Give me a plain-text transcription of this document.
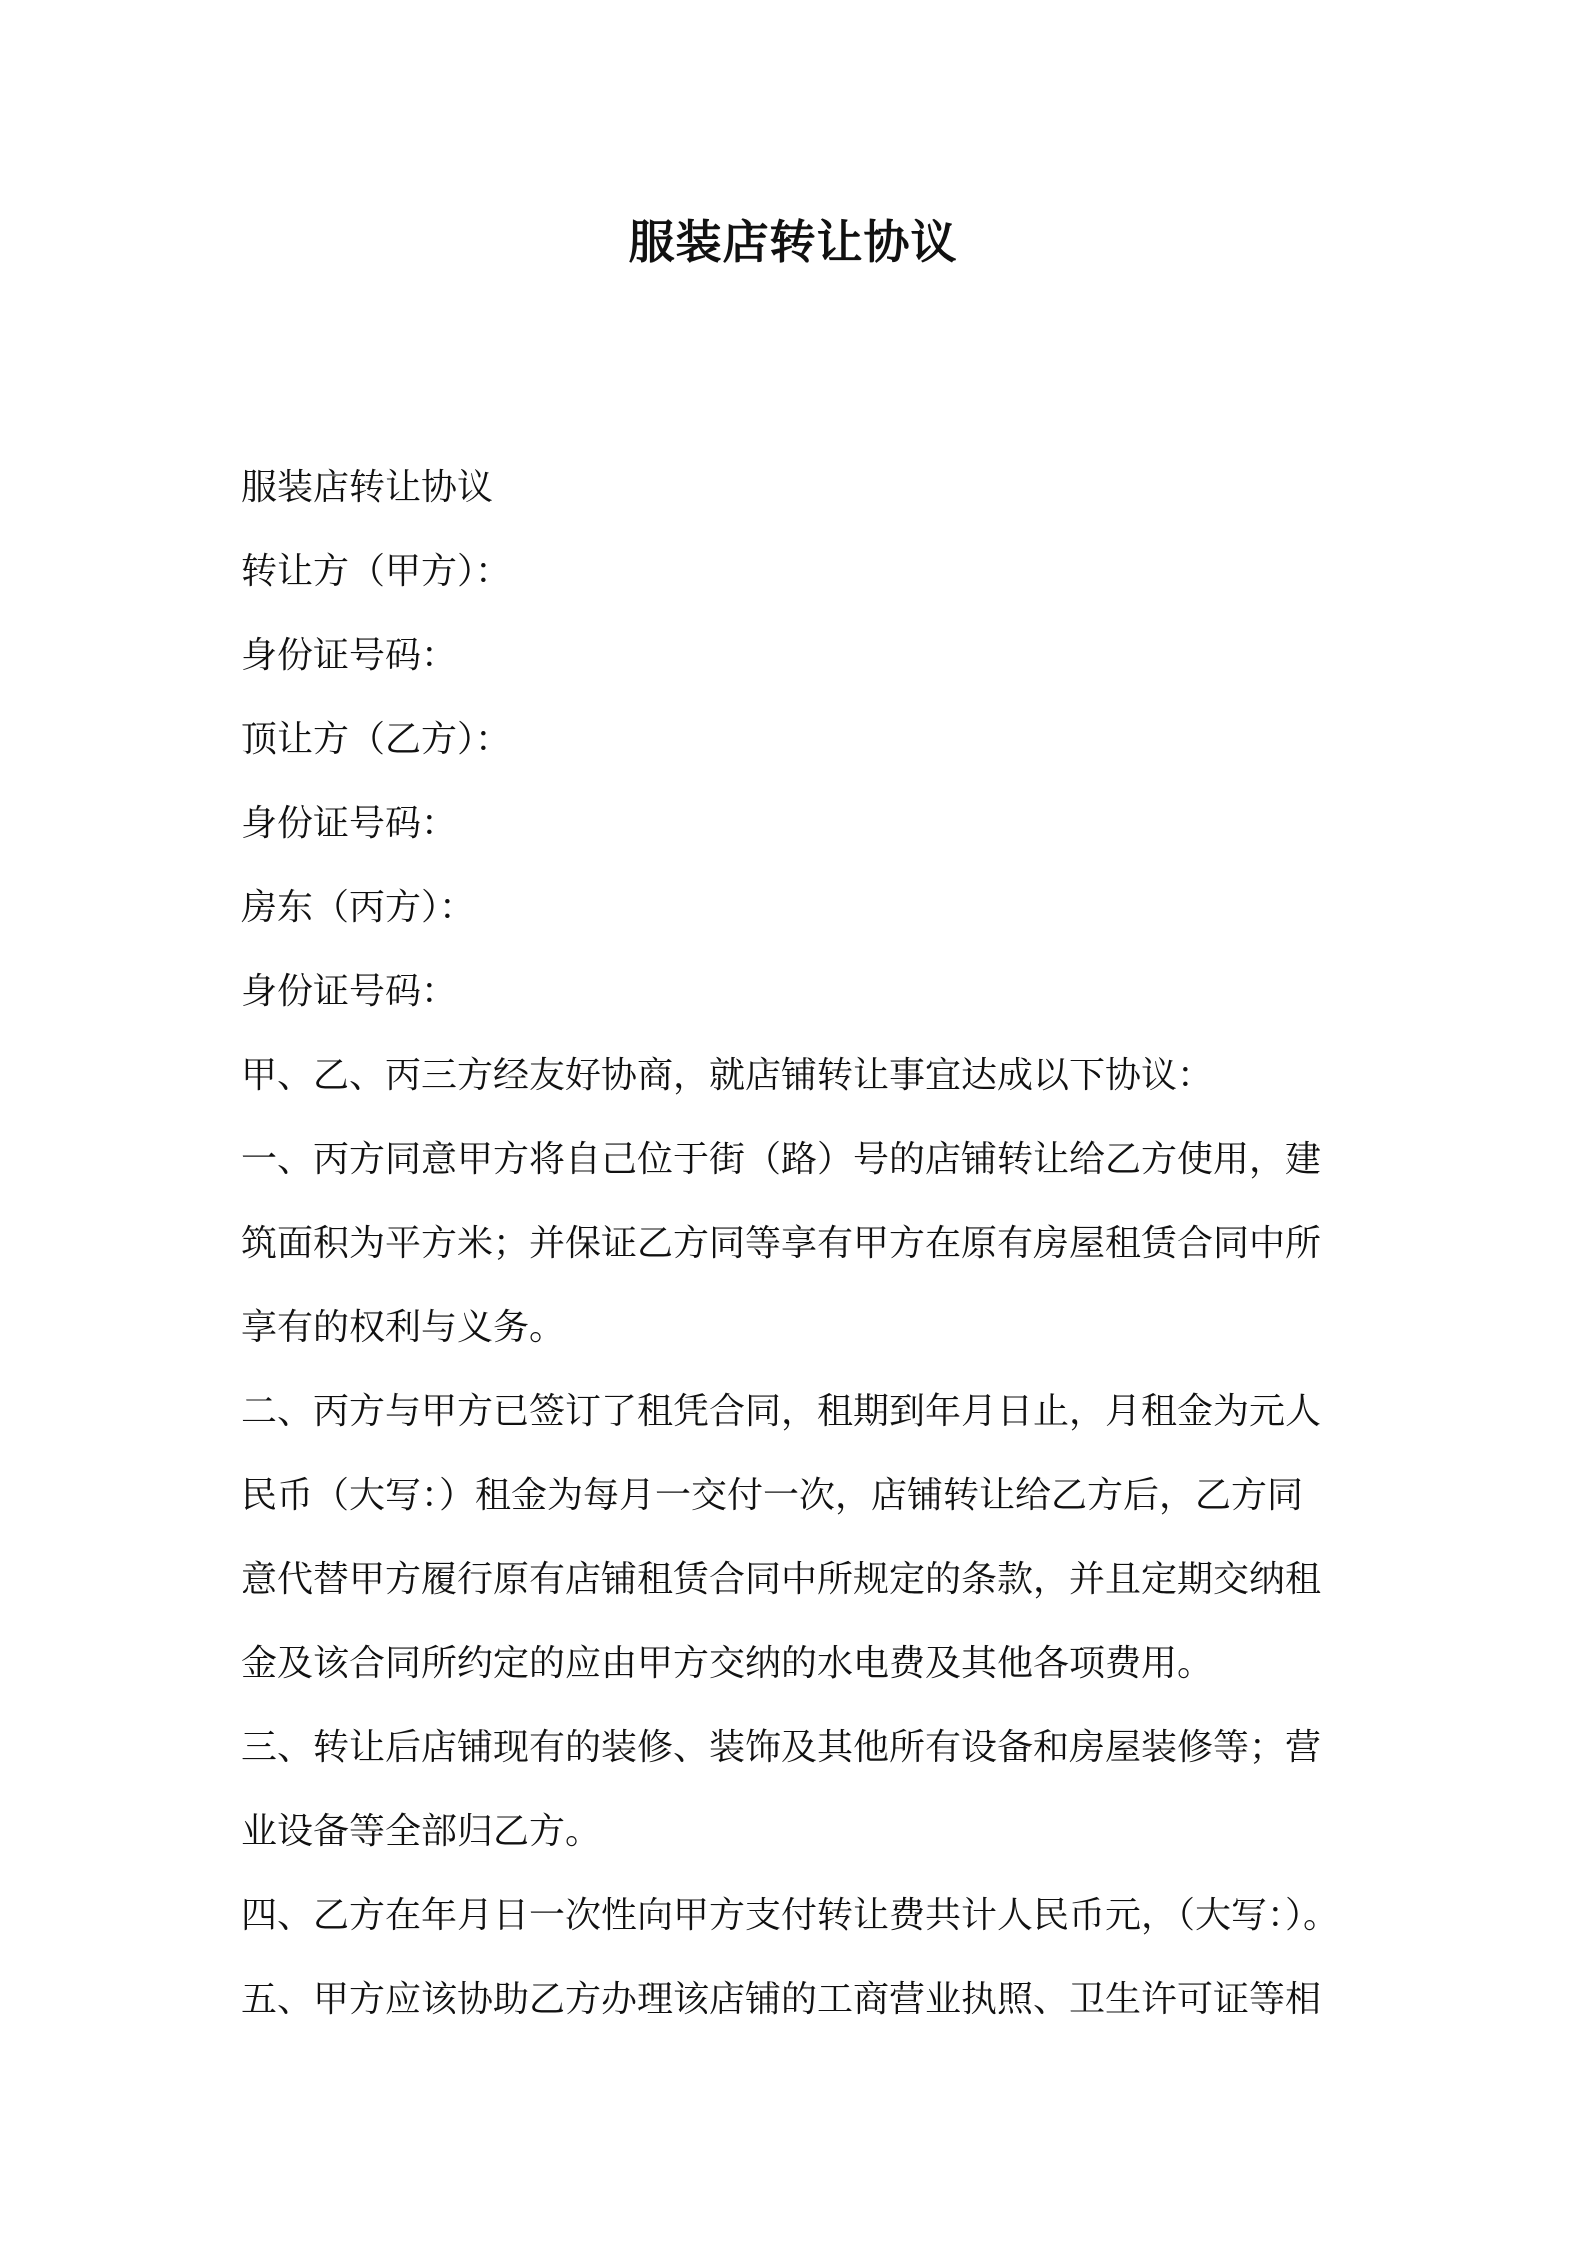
服装店转让协议

服装店转让协议

转让方（甲方）：

身份证号码：

顶让方（乙方）：

身份证号码：

房东（丙方）：

身份证号码：

甲、乙、丙三方经友好协商，就店铺转让事宜达成以下协议：

一、丙方同意甲方将自己位于街（路）号的店铺转让给乙方使用，建

筑面积为平方米；并保证乙方同等享有甲方在原有房屋租赁合同中所

享有的权利与义务。

二、丙方与甲方已签订了租凭合同，租期到年月日止，月租金为元人

民币（大写：）租金为每月一交付一次，店铺转让给乙方后，乙方同

意代替甲方履行原有店铺租赁合同中所规定的条款，并且定期交纳租

金及该合同所约定的应由甲方交纳的水电费及其他各项费用。

三、转让后店铺现有的装修、装饰及其他所有设备和房屋装修等；营

业设备等全部归乙方。

四、乙方在年月日一次性向甲方支付转让费共计人民币元，（大写：）。

五、甲方应该协助乙方办理该店铺的工商营业执照、卫生许可证等相
